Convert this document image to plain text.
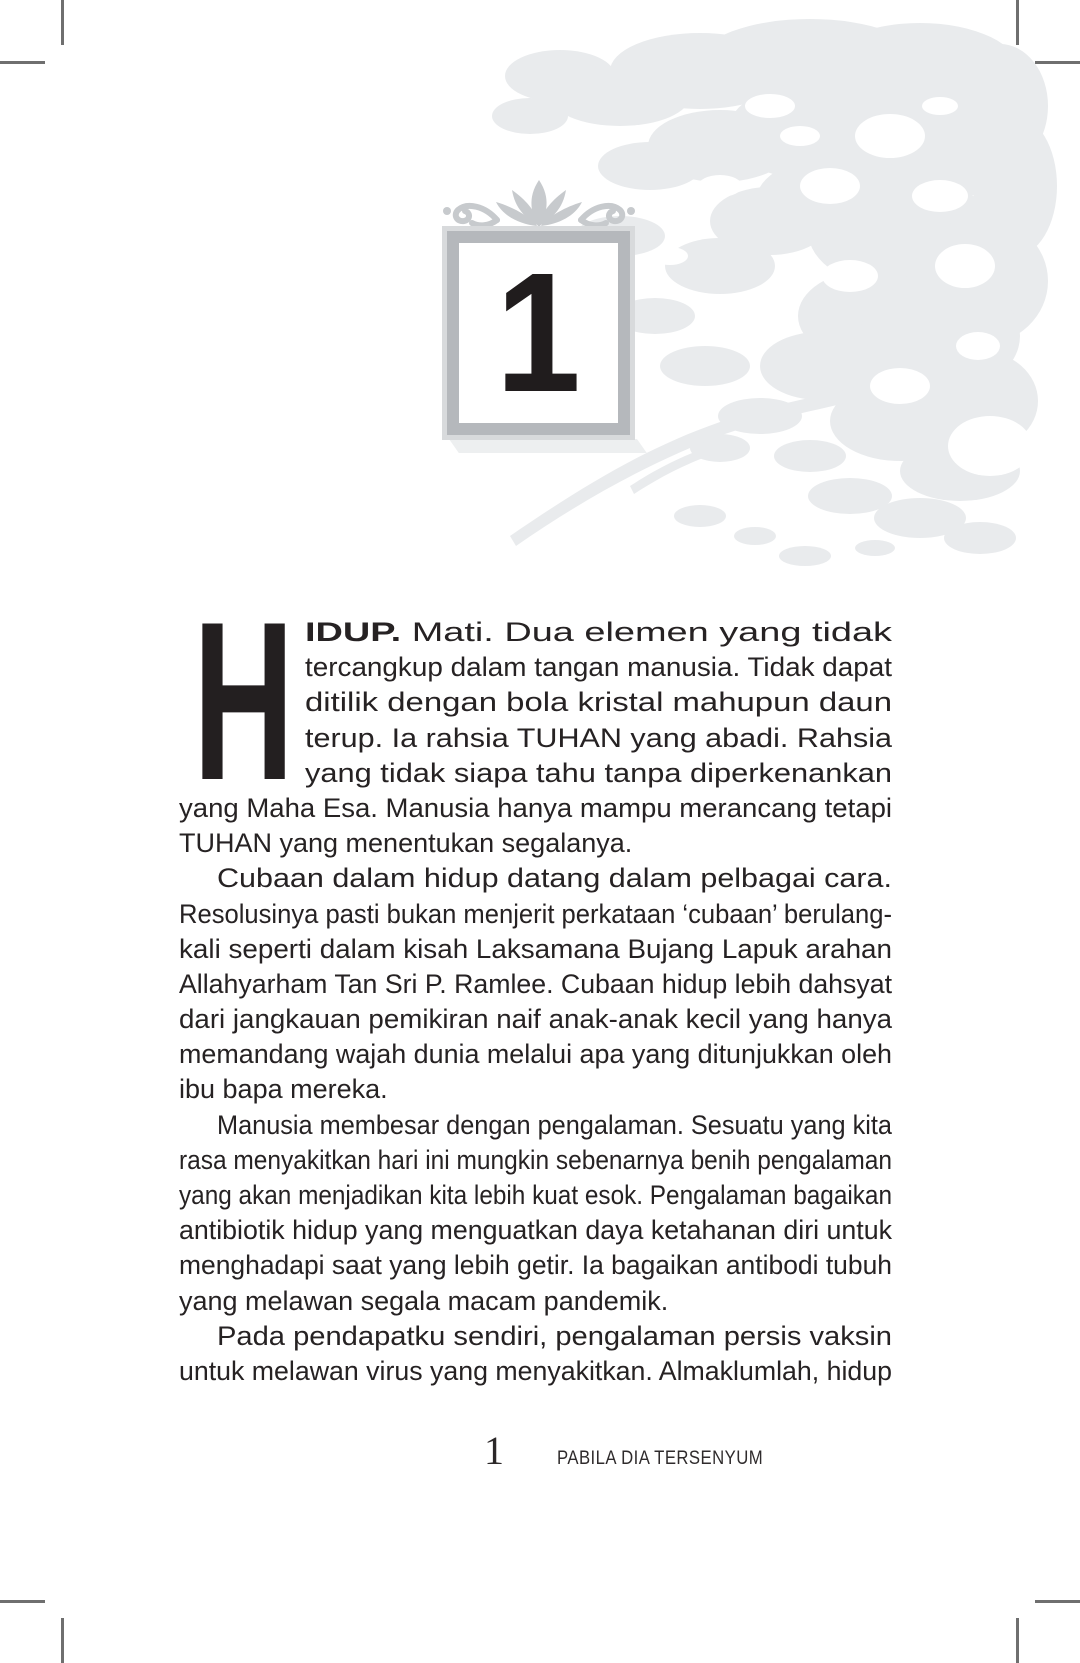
1
H IDUP. Mati. Dua elemen yang tidak
tercangkup dalam tangan manusia. Tidak dapat
ditilik dengan bola kristal mahupun daun
terup. Ia rahsia TUHAN yang abadi. Rahsia
yang tidak siapa tahu tanpa diperkenankan
yang Maha Esa. Manusia hanya mampu merancang tetapi
TUHAN yang menentukan segalanya.
Cubaan dalam hidup datang dalam pelbagai cara.
Resolusinya pasti bukan menjerit perkataan ‘cubaan’ berulang-
kali seperti dalam kisah Laksamana Bujang Lapuk arahan
Allahyarham Tan Sri P. Ramlee. Cubaan hidup lebih dahsyat
dari jangkauan pemikiran naif anak-anak kecil yang hanya
memandang wajah dunia melalui apa yang ditunjukkan oleh
ibu bapa mereka.
Manusia membesar dengan pengalaman. Sesuatu yang kita
rasa menyakitkan hari ini mungkin sebenarnya benih pengalaman
yang akan menjadikan kita lebih kuat esok. Pengalaman bagaikan
antibiotik hidup yang menguatkan daya ketahanan diri untuk
menghadapi saat yang lebih getir. Ia bagaikan antibodi tubuh
yang melawan segala macam pandemik.
Pada pendapatku sendiri, pengalaman persis vaksin
untuk melawan virus yang menyakitkan. Almaklumlah, hidup
1	PABILA DIA TERSENYUM
